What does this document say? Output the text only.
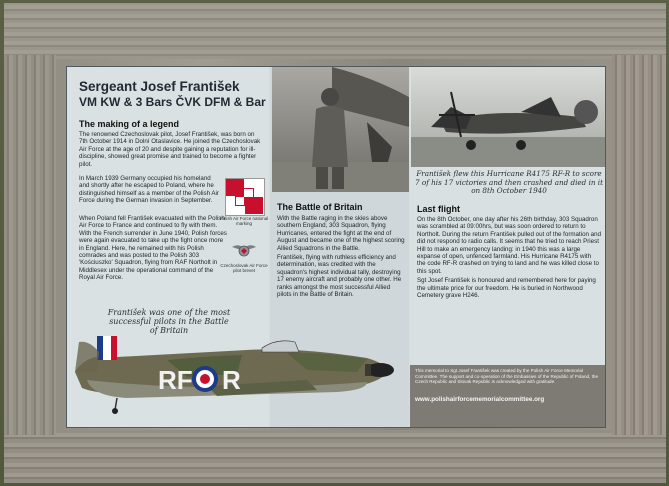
Sergeant Josef František
VM KW & 3 Bars ČVK DFM & Bar
The making of a legend

The renowned Czechoslovak pilot, Josef František, was born on 7th October 1914 in Dolní Otaslavice. He joined the Czechoslovak Air Force at the age of 20 and despite gaining a reputation for ill-discipline, showed great promise and trained to become a fighter pilot.

In March 1939 Germany occupied his homeland and shortly after he escaped to Poland, where he distinguished himself as a member of the Polish Air Force during the German invasion in September.

When Poland fell František evacuated with the Polish Air Force to France and continued to fly with them. With the French surrender in June 1940, Polish forces were again evacuated to take up the fight once more in England. Here, he remained with his Polish comrades and was posted to the Polish 303 'Kościuszko' Squadron, flying from RAF Northolt in Middlesex under the operational command of the Royal Air Force.

Polish Air Force national marking
Czechoslovak Air Force pilot brevet
František was one of the most successful pilots in the Battle of Britain
RF R
The Battle of Britain

With the Battle raging in the skies above southern England, 303 Squadron, flying Hurricanes, entered the fight at the end of August and became one of the highest scoring Allied Squadrons in the Battle.

František, flying with ruthless efficiency and determination, was credited with the squadron's highest individual tally, destroying 17 enemy aircraft and probably one other. He ranks amongst the most successful Allied pilots in the Battle of Britain.

František flew this Hurricane R4175 RF-R to score 7 of his 17 victories and then crashed and died in it on 8th October 1940
Last flight

On the 8th October, one day after his 26th birthday, 303 Squadron was scrambled at 09:00hrs, but was soon ordered to return to Northolt. During the return František pulled out of the formation and did not respond to radio calls. It seems that he tried to reach Priest Hill to make an emergency landing: in 1940 this was a large expanse of open, unfenced farmland. His Hurricane R4175 with the code RF-R crashed on trying to land and he was killed close to this spot.

Sgt Josef František is honoured and remembered here for paying the ultimate price for our freedom. He is buried in Northwood Cemetery grave H246.

This memorial to Sgt Josef František was created by the Polish Air Force Memorial Committee. The support and co-operation of the Embassies of the Republic of Poland, the Czech Republic and Slovak Republic is acknowledged with gratitude.
www.polishairforcememorialcommittee.org
